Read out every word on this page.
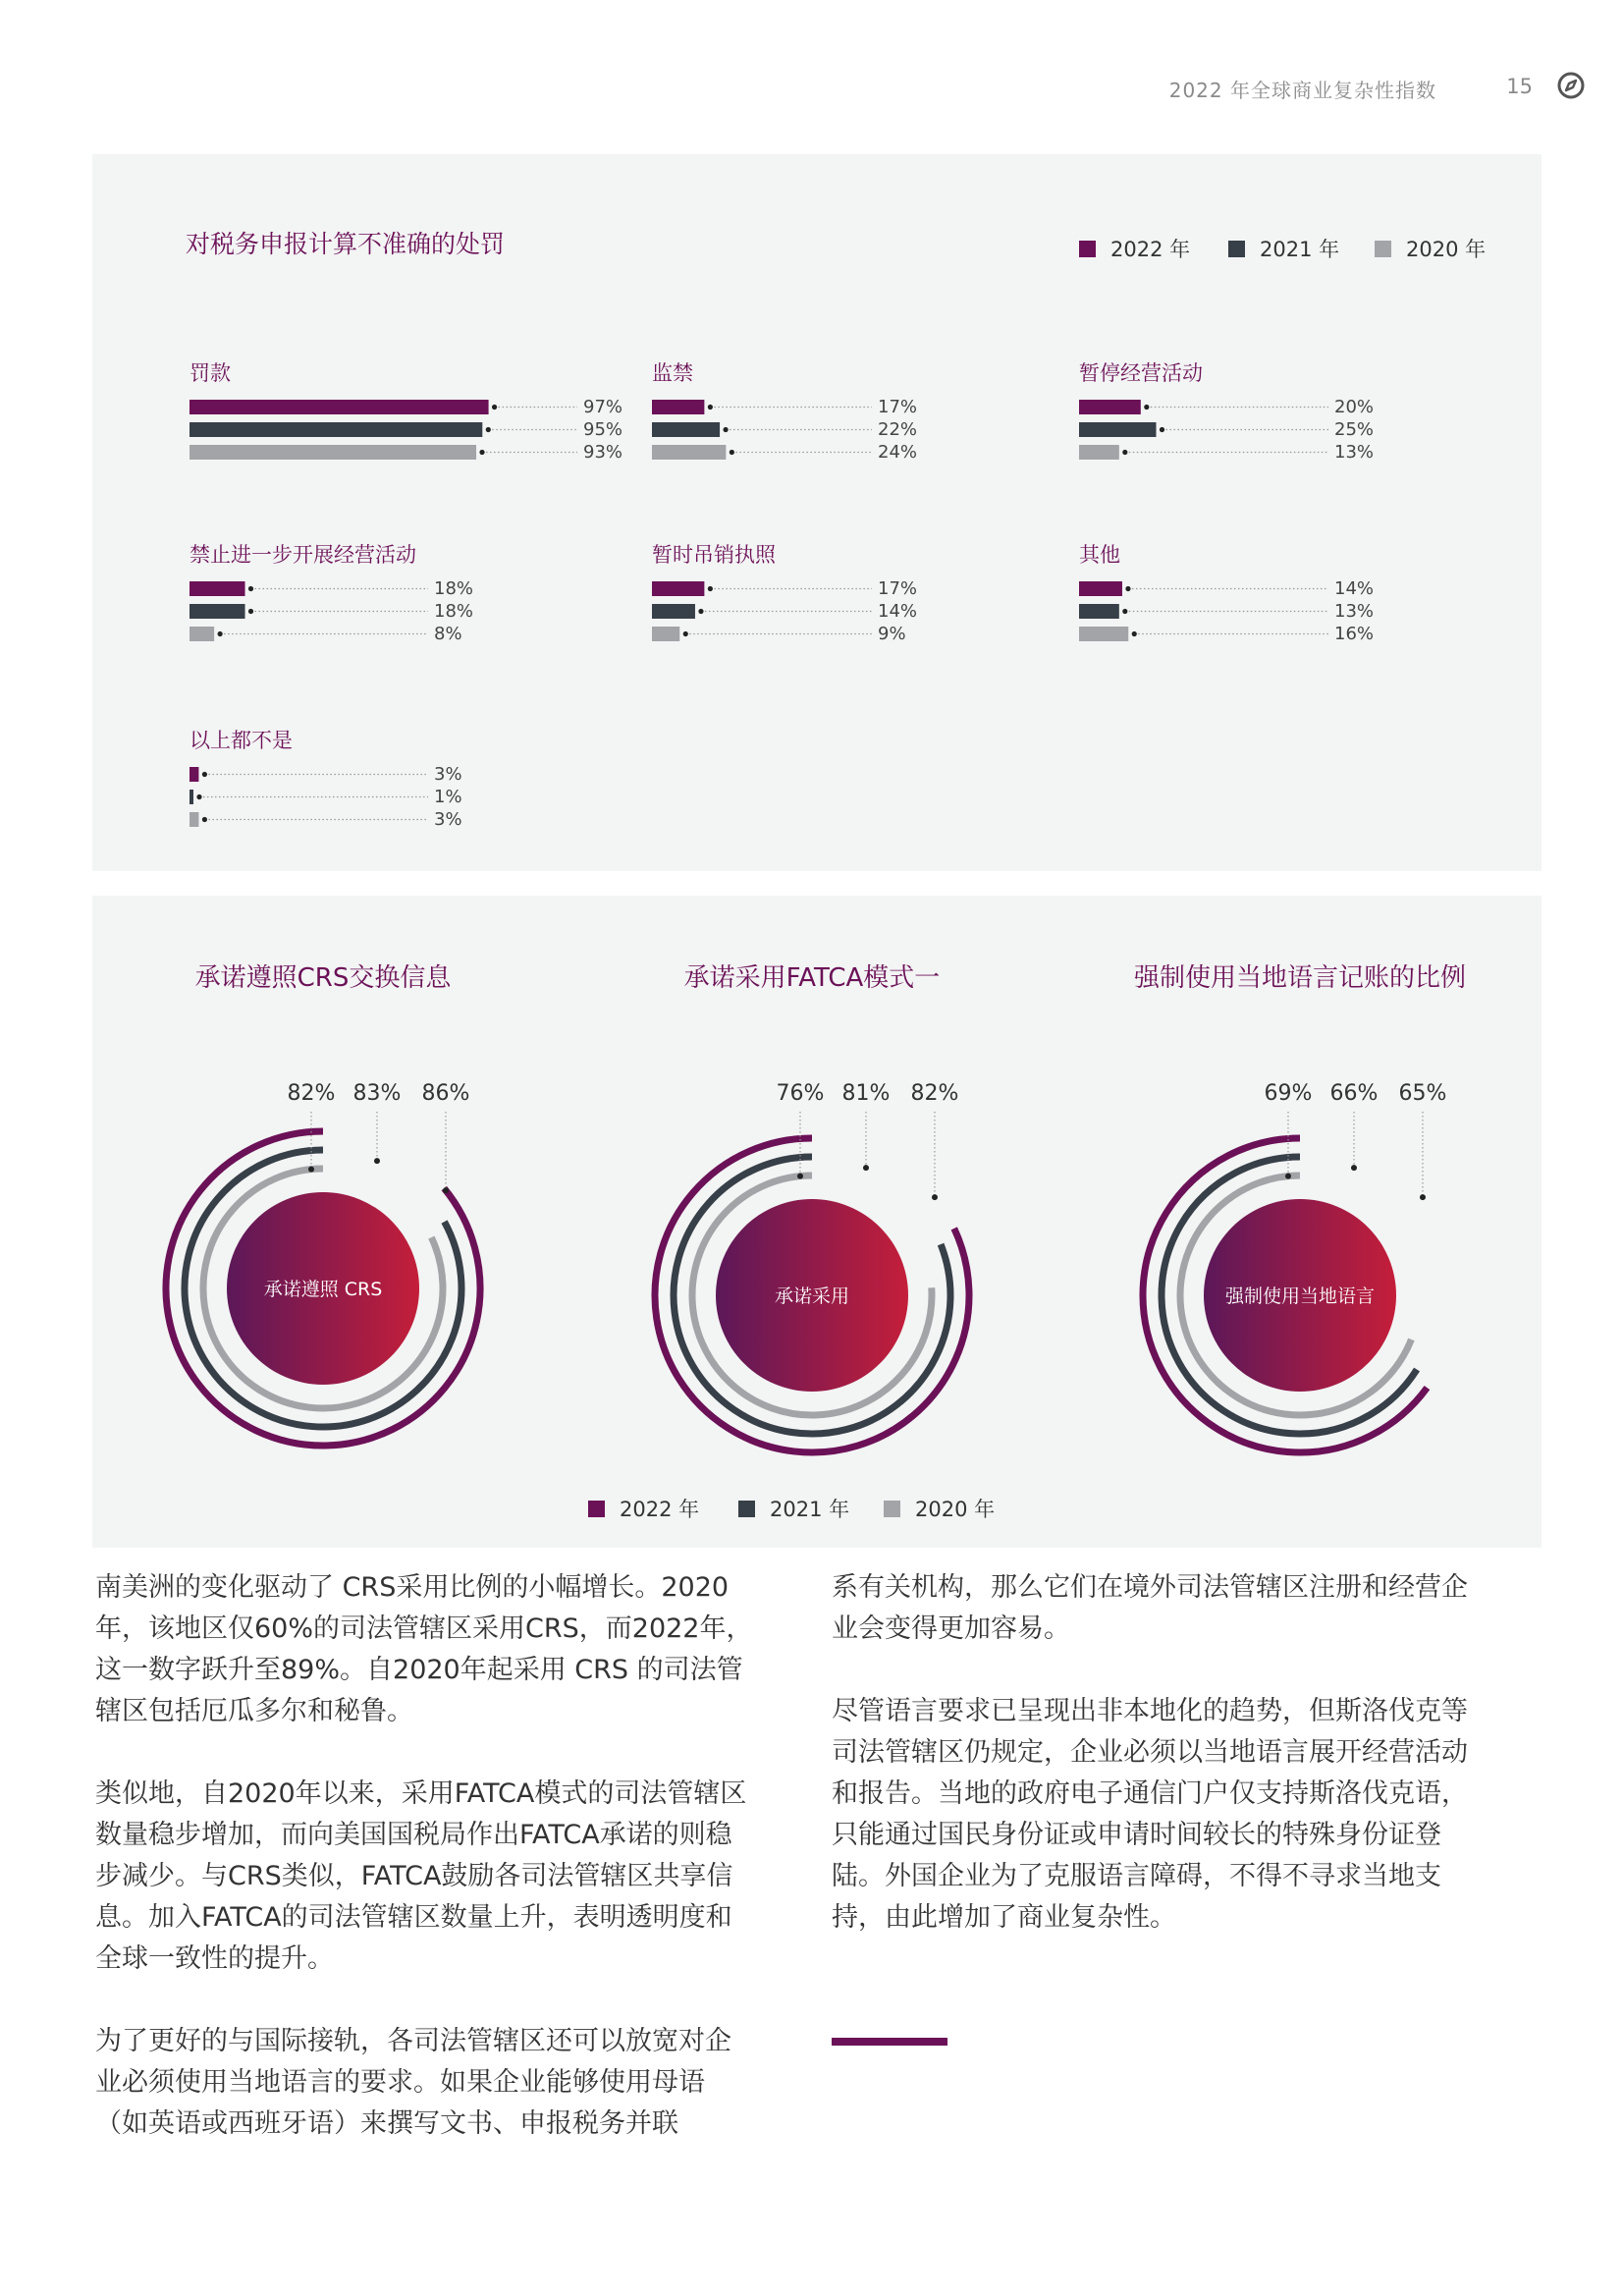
2022 年全球商业复杂性指数	15
对税务申报计算不准确的处罚	2022 年	2021 年	2020 年
罚款
97%
95%
93%
监禁
17%
22%
24%
暂停经营活动
20%
25%
13%
禁止进一步开展经营活动
18%
18%
8%
暂时吊销执照
17%
14%
9%
其他
14%
13%
16%
以上都不是
3%
1%
3%
承诺遵照CRS交换信息
承诺遵照 CRS
82% 83% 86%
承诺采用FATCA模式一
承诺采用
76% 81% 82%
强制使用当地语言记账的比例
强制使用当地语言
69% 66% 65%
2022 年	2021 年	2020 年

南美洲的变化驱动了 CRS采用比例的小幅增长。2020年，该地区仅60%的司法管辖区采用CRS，而2022年，这一数字跃升至89%。自2020年起采用 CRS 的司法管辖区包括厄瓜多尔和秘鲁。

类似地，自2020年以来，采用FATCA模式的司法管辖区数量稳步增加，而向美国国税局作出FATCA承诺的则稳步减少。与CRS类似，FATCA鼓励各司法管辖区共享信息。加入FATCA的司法管辖区数量上升，表明透明度和全球一致性的提升。

为了更好的与国际接轨，各司法管辖区还可以放宽对企业必须使用当地语言的要求。如果企业能够使用母语（如英语或西班牙语）来撰写文书、申报税务并联

系有关机构，那么它们在境外司法管辖区注册和经营企业会变得更加容易。

尽管语言要求已呈现出非本地化的趋势，但斯洛伐克等司法管辖区仍规定，企业必须以当地语言展开经营活动和报告。当地的政府电子通信门户仅支持斯洛伐克语，只能通过国民身份证或申请时间较长的特殊身份证登陆。外国企业为了克服语言障碍，不得不寻求当地支持，由此增加了商业复杂性。
